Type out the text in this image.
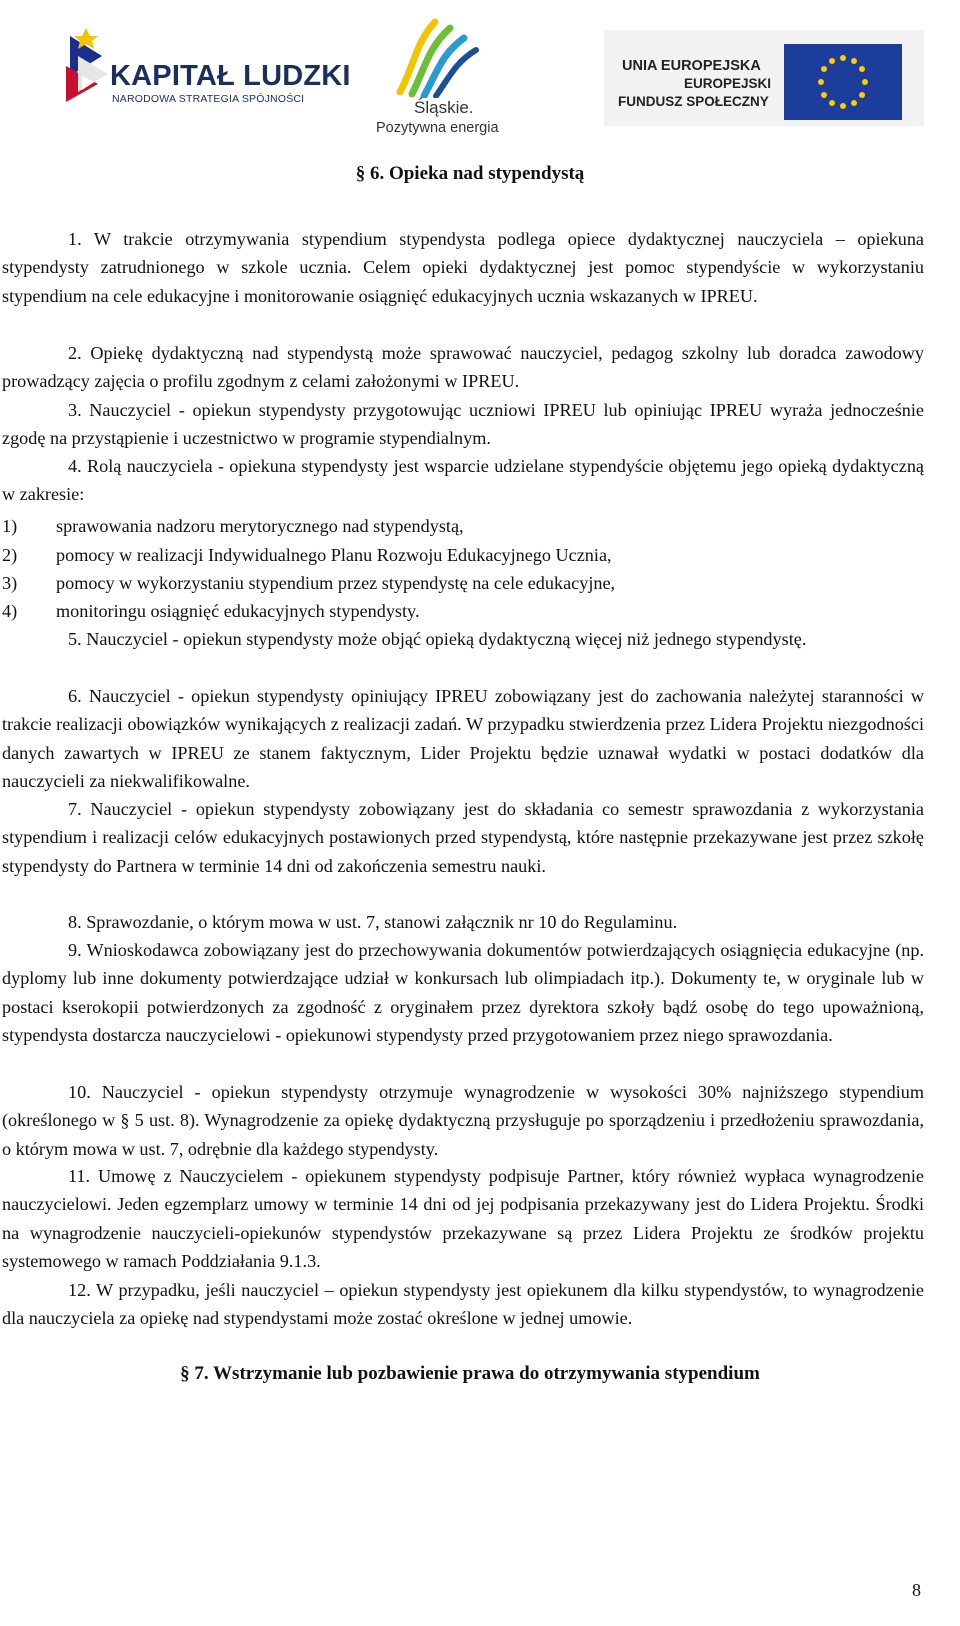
KAPITAŁ LUDZKI
NARODOWA STRATEGIA SPÓJNOŚCI	Śląskie.
Pozytywna energia
UNIA EUROPEJSKA
EUROPEJSKI
FUNDUSZ SPOŁECZNY
§ 6. Opieka nad stypendystą

1. W trakcie otrzymywania stypendium stypendysta podlega opiece dydaktycznej nauczyciela – opiekuna stypendysty zatrudnionego w szkole ucznia. Celem opieki dydaktycznej jest pomoc stypendyście w wykorzystaniu stypendium na cele edukacyjne i monitorowanie osiągnięć edukacyjnych ucznia wskazanych w IPREU.

2. Opiekę dydaktyczną nad stypendystą może sprawować nauczyciel, pedagog szkolny lub doradca zawodowy prowadzący zajęcia o profilu zgodnym z celami założonymi w IPREU.

3. Nauczyciel - opiekun stypendysty przygotowując uczniowi IPREU lub opiniując IPREU wyraża jednocześnie zgodę na przystąpienie i uczestnictwo w programie stypendialnym.

4. Rolą nauczyciela - opiekuna stypendysty jest wsparcie udzielane stypendyście objętemu jego opieką dydaktyczną w zakresie:

1) sprawowania nadzoru merytorycznego nad stypendystą,
2) pomocy w realizacji Indywidualnego Planu Rozwoju Edukacyjnego Ucznia,
3) pomocy w wykorzystaniu stypendium przez stypendystę na cele edukacyjne,
4) monitoringu osiągnięć edukacyjnych stypendysty.

5. Nauczyciel - opiekun stypendysty może objąć opieką dydaktyczną więcej niż jednego stypendystę.

6. Nauczyciel - opiekun stypendysty opiniujący IPREU zobowiązany jest do zachowania należytej staranności w trakcie realizacji obowiązków wynikających z realizacji zadań. W przypadku stwierdzenia przez Lidera Projektu niezgodności danych zawartych w IPREU ze stanem faktycznym, Lider Projektu będzie uznawał wydatki w postaci dodatków dla nauczycieli za niekwalifikowalne.

7. Nauczyciel - opiekun stypendysty zobowiązany jest do składania co semestr sprawozdania z wykorzystania stypendium i realizacji celów edukacyjnych postawionych przed stypendystą, które następnie przekazywane jest przez szkołę stypendysty do Partnera w terminie 14 dni od zakończenia semestru nauki.

8. Sprawozdanie, o którym mowa w ust. 7, stanowi załącznik nr 10 do Regulaminu.

9. Wnioskodawca zobowiązany jest do przechowywania dokumentów potwierdzających osiągnięcia edukacyjne (np. dyplomy lub inne dokumenty potwierdzające udział w konkursach lub olimpiadach itp.). Dokumenty te, w oryginale lub w postaci kserokopii potwierdzonych za zgodność z oryginałem przez dyrektora szkoły bądź osobę do tego upoważnioną, stypendysta dostarcza nauczycielowi - opiekunowi stypendysty przed przygotowaniem przez niego sprawozdania.

10. Nauczyciel - opiekun stypendysty otrzymuje wynagrodzenie w wysokości 30% najniższego stypendium (określonego w § 5 ust. 8). Wynagrodzenie za opiekę dydaktyczną przysługuje po sporządzeniu i przedłożeniu sprawozdania, o którym mowa w ust. 7, odrębnie dla każdego stypendysty.

11. Umowę z Nauczycielem - opiekunem stypendysty podpisuje Partner, który również wypłaca wynagrodzenie nauczycielowi. Jeden egzemplarz umowy w terminie 14 dni od jej podpisania przekazywany jest do Lidera Projektu. Środki na wynagrodzenie nauczycieli-opiekunów stypendystów przekazywane są przez Lidera Projektu ze środków projektu systemowego w ramach Poddziałania 9.1.3.

12. W przypadku, jeśli nauczyciel – opiekun stypendysty jest opiekunem dla kilku stypendystów, to wynagrodzenie dla nauczyciela za opiekę nad stypendystami może zostać określone w jednej umowie.

§ 7. Wstrzymanie lub pozbawienie prawa do otrzymywania stypendium
8
